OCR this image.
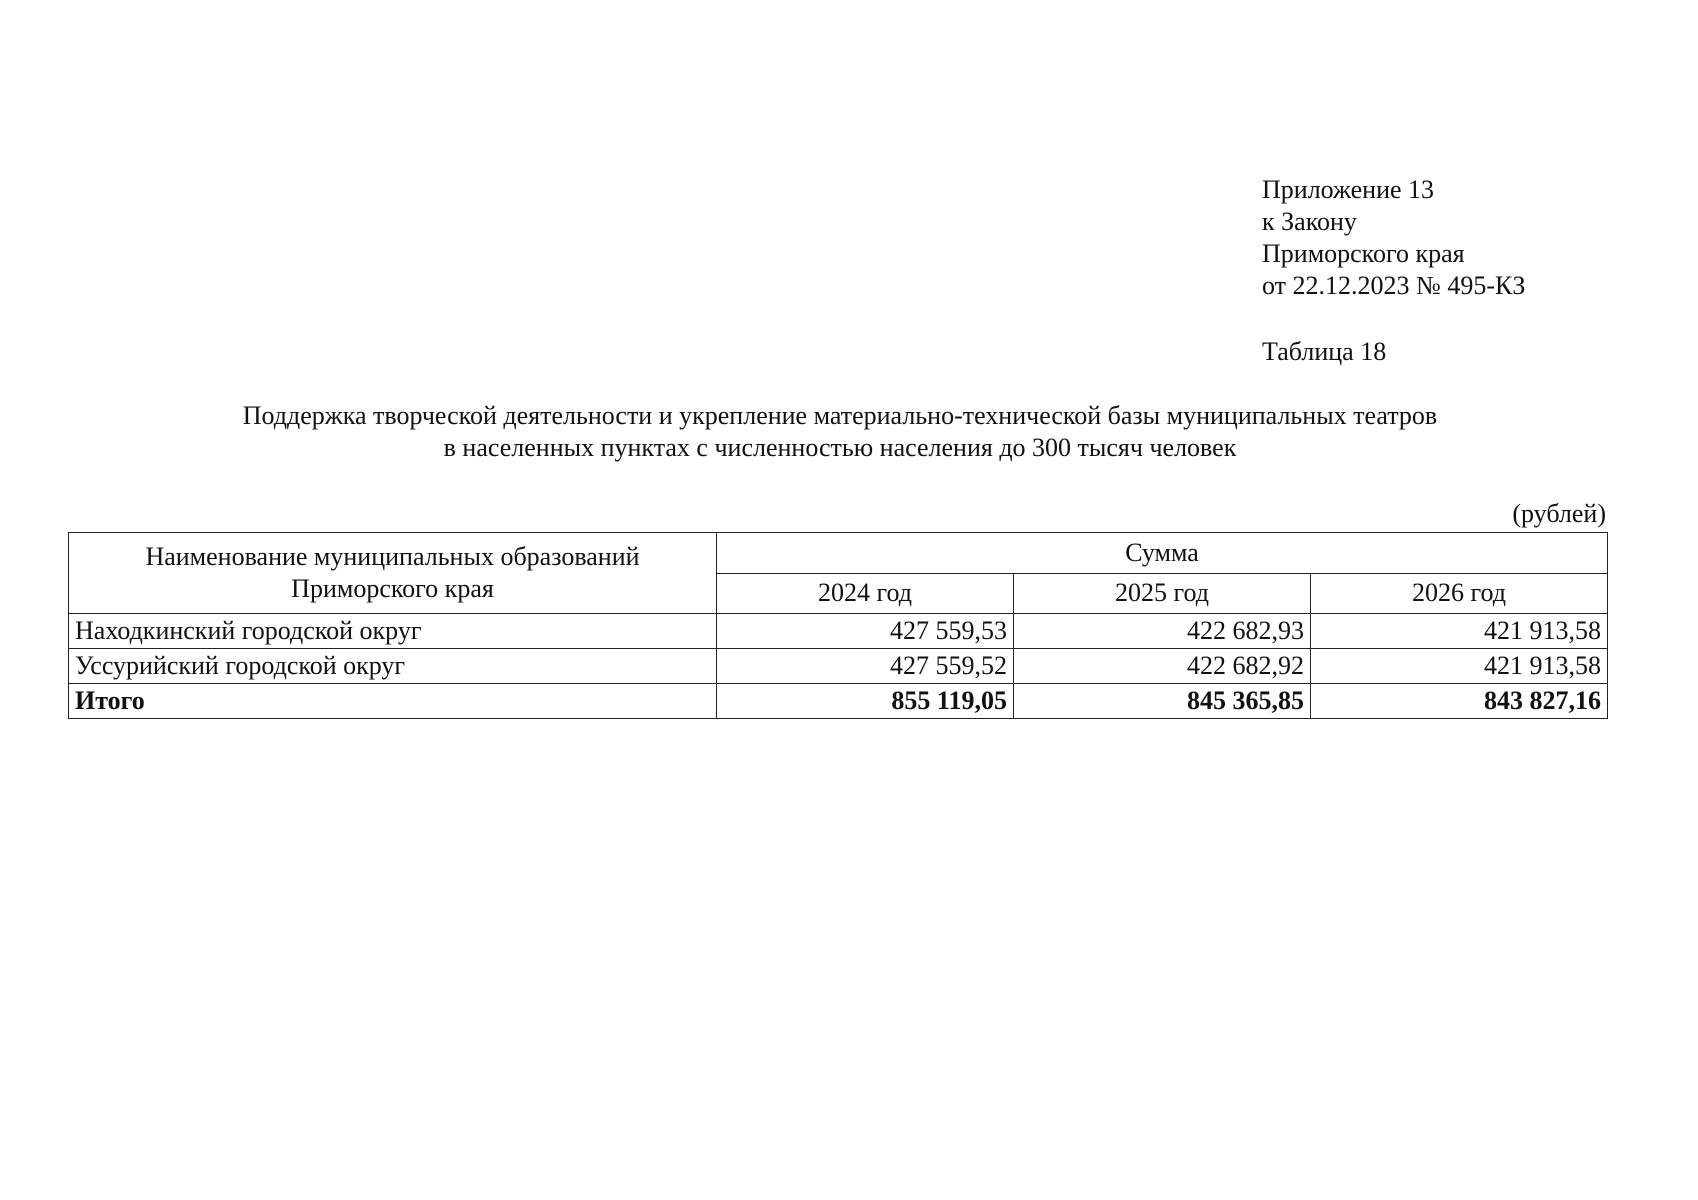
Приложение 13
к Закону
Приморского края
от 22.12.2023 № 495-КЗ
Таблица 18
Поддержка творческой деятельности и укрепление материально-технической базы муниципальных театров
в населенных пунктах с численностью населения до 300 тысяч человек
(рублей)
Наименование муниципальных образований
Приморского края	Сумма		
	2024 год	2025 год	2026 год
Находкинский городской округ	427 559,53	422 682,93	421 913,58
Уссурийский городской округ	427 559,52	422 682,92	421 913,58
Итого	855 119,05	845 365,85	843 827,16
